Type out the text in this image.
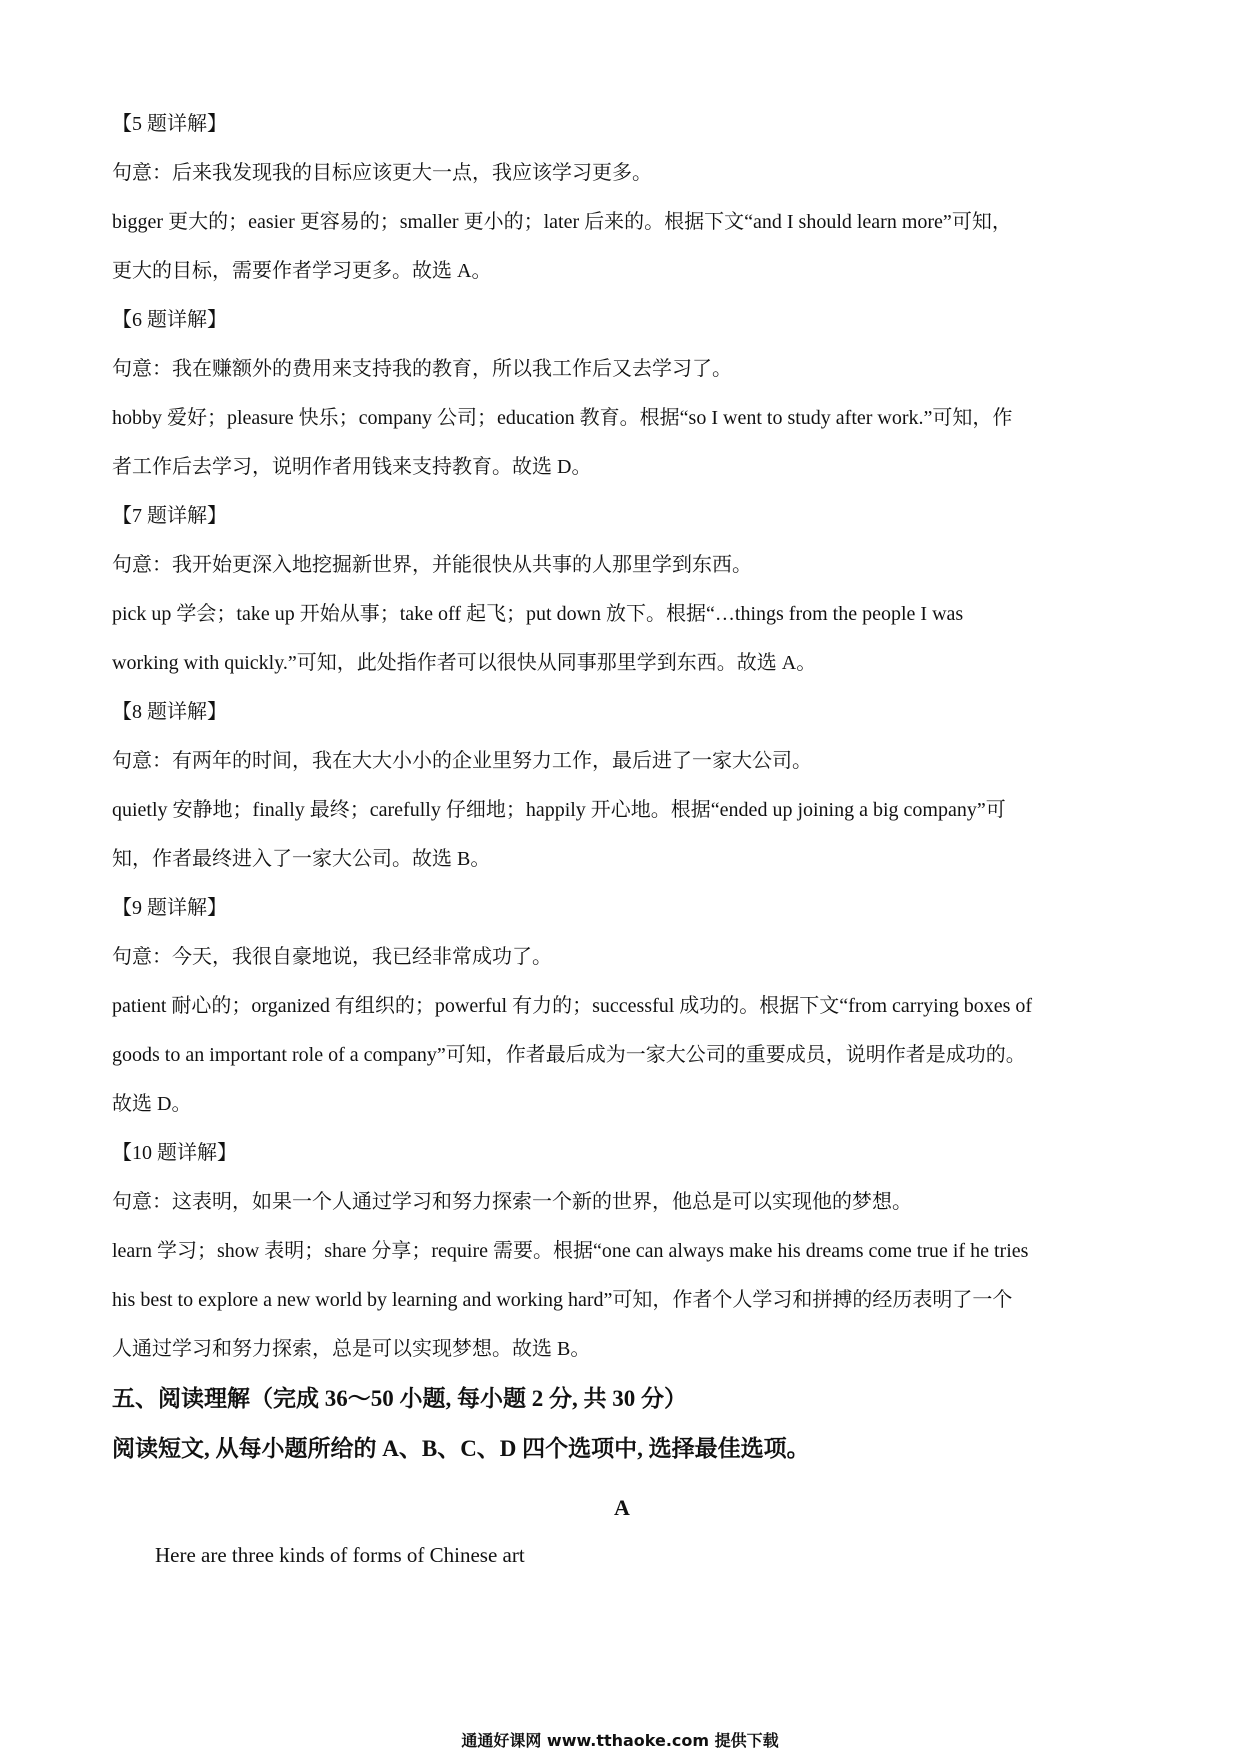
【5 题详解】
句意：后来我发现我的目标应该更大一点，我应该学习更多。
bigger 更大的；easier 更容易的；smaller 更小的；later 后来的。根据下文“and I should learn more”可知，
更大的目标，需要作者学习更多。故选 A。
【6 题详解】
句意：我在赚额外的费用来支持我的教育，所以我工作后又去学习了。
hobby 爱好；pleasure 快乐；company 公司；education 教育。根据“so I went to study after work.”可知，作
者工作后去学习，说明作者用钱来支持教育。故选 D。
【7 题详解】
句意：我开始更深入地挖掘新世界，并能很快从共事的人那里学到东西。
pick up 学会；take up 开始从事；take off 起飞；put down 放下。根据“…things from the people I was
working with quickly.”可知，此处指作者可以很快从同事那里学到东西。故选 A。
【8 题详解】
句意：有两年的时间，我在大大小小的企业里努力工作，最后进了一家大公司。
quietly 安静地；finally 最终；carefully 仔细地；happily 开心地。根据“ended up joining a big company”可
知，作者最终进入了一家大公司。故选 B。
【9 题详解】
句意：今天，我很自豪地说，我已经非常成功了。
patient 耐心的；organized 有组织的；powerful 有力的；successful 成功的。根据下文“from carrying boxes of
goods to an important role of a company”可知，作者最后成为一家大公司的重要成员，说明作者是成功的。
故选 D。
【10 题详解】
句意：这表明，如果一个人通过学习和努力探索一个新的世界，他总是可以实现他的梦想。
learn 学习；show 表明；share 分享；require 需要。根据“one can always make his dreams come true if he tries
his best to explore a new world by learning and working hard”可知，作者个人学习和拼搏的经历表明了一个
人通过学习和努力探索，总是可以实现梦想。故选 B。
五、阅读理解（完成 36～50 小题, 每小题 2 分, 共 30 分）
阅读短文, 从每小题所给的 A、B、C、D 四个选项中, 选择最佳选项。
A
Here are three kinds of forms of Chinese art
通通好课网 www.tthaoke.com 提供下载
